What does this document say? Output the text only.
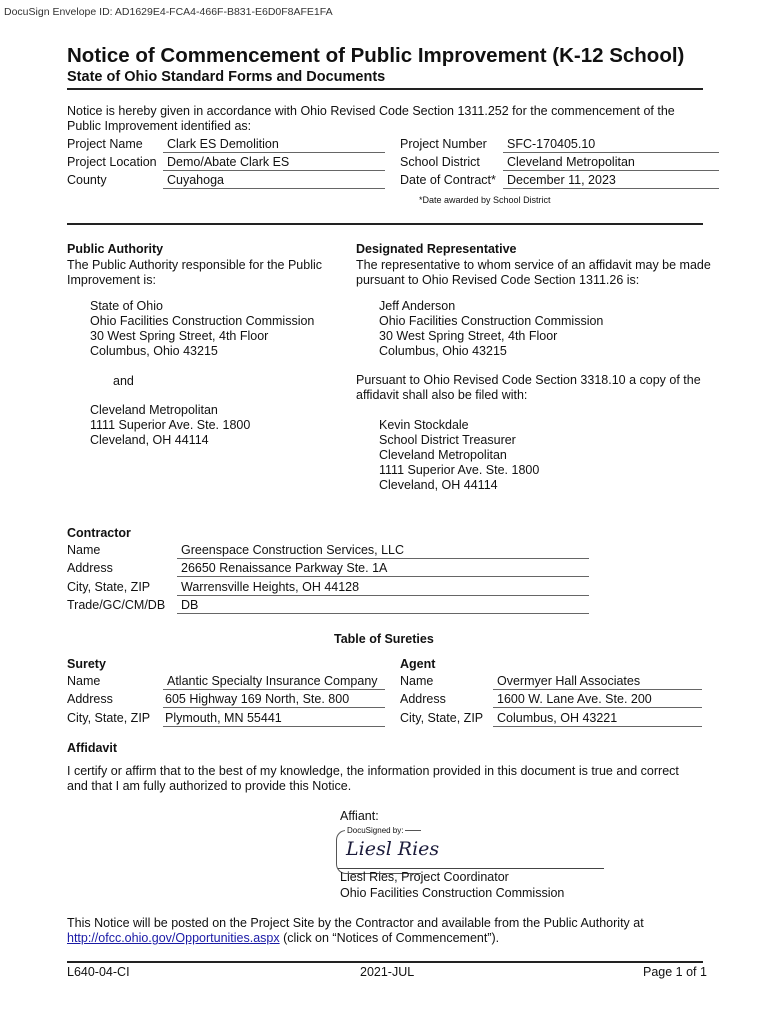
DocuSign Envelope ID: AD1629E4-FCA4-466F-B831-E6D0F8AFE1FA
Notice of Commencement of Public Improvement (K-12 School)
State of Ohio Standard Forms and Documents
Notice is hereby given in accordance with Ohio Revised Code Section 1311.252 for the commencement of the
Public Improvement identified as:
Project Name Clark ES Demolition
Project Location Demo/Abate Clark ES
County	Cuyahoga
Project Number SFC-170405.10
School District Cleveland Metropolitan
Date of Contract* December 11, 2023
*Date awarded by School District
Public Authority
The Public Authority responsible for the Public
Improvement is:
State of Ohio
Ohio Facilities Construction Commission
30 West Spring Street, 4th Floor
Columbus, Ohio 43215
and
Cleveland Metropolitan
1111 Superior Ave. Ste. 1800
Cleveland, OH 44114
Designated Representative
The representative to whom service of an affidavit may be made
pursuant to Ohio Revised Code Section 1311.26 is:
Jeff Anderson
Ohio Facilities Construction Commission
30 West Spring Street, 4th Floor
Columbus, Ohio 43215
Pursuant to Ohio Revised Code Section 3318.10 a copy of the
affidavit shall also be filed with:
Kevin Stockdale
School District Treasurer
Cleveland Metropolitan
1111 Superior Ave. Ste. 1800
Cleveland, OH 44114
Contractor
Name	Greenspace Construction Services, LLC
Address	26650 Renaissance Parkway Ste. 1A
City, State, ZIP Warrensville Heights, OH 44128
Trade/GC/CM/DB DB
Table of Sureties
Surety
Name	Atlantic Specialty Insurance Company
Address	605 Highway 169 North, Ste. 800
City, State, ZIP Plymouth, MN 55441
Agent
Name	Overmyer Hall Associates
Address	1600 W. Lane Ave. Ste. 200
City, State, ZIP Columbus, OH 43221
Affidavit
I certify or affirm that to the best of my knowledge, the information provided in this document is true and correct
and that I am fully authorized to provide this Notice.
Affiant:
DocuSigned by:
Liesl Ries
Liesl Ries, Project Coordinator
Ohio Facilities Construction Commission
This Notice will be posted on the Project Site by the Contractor and available from the Public Authority at
http://ofcc.ohio.gov/Opportunities.aspx (click on “Notices of Commencement”).
L640-04-CI	2021-JUL	Page 1 of 1
